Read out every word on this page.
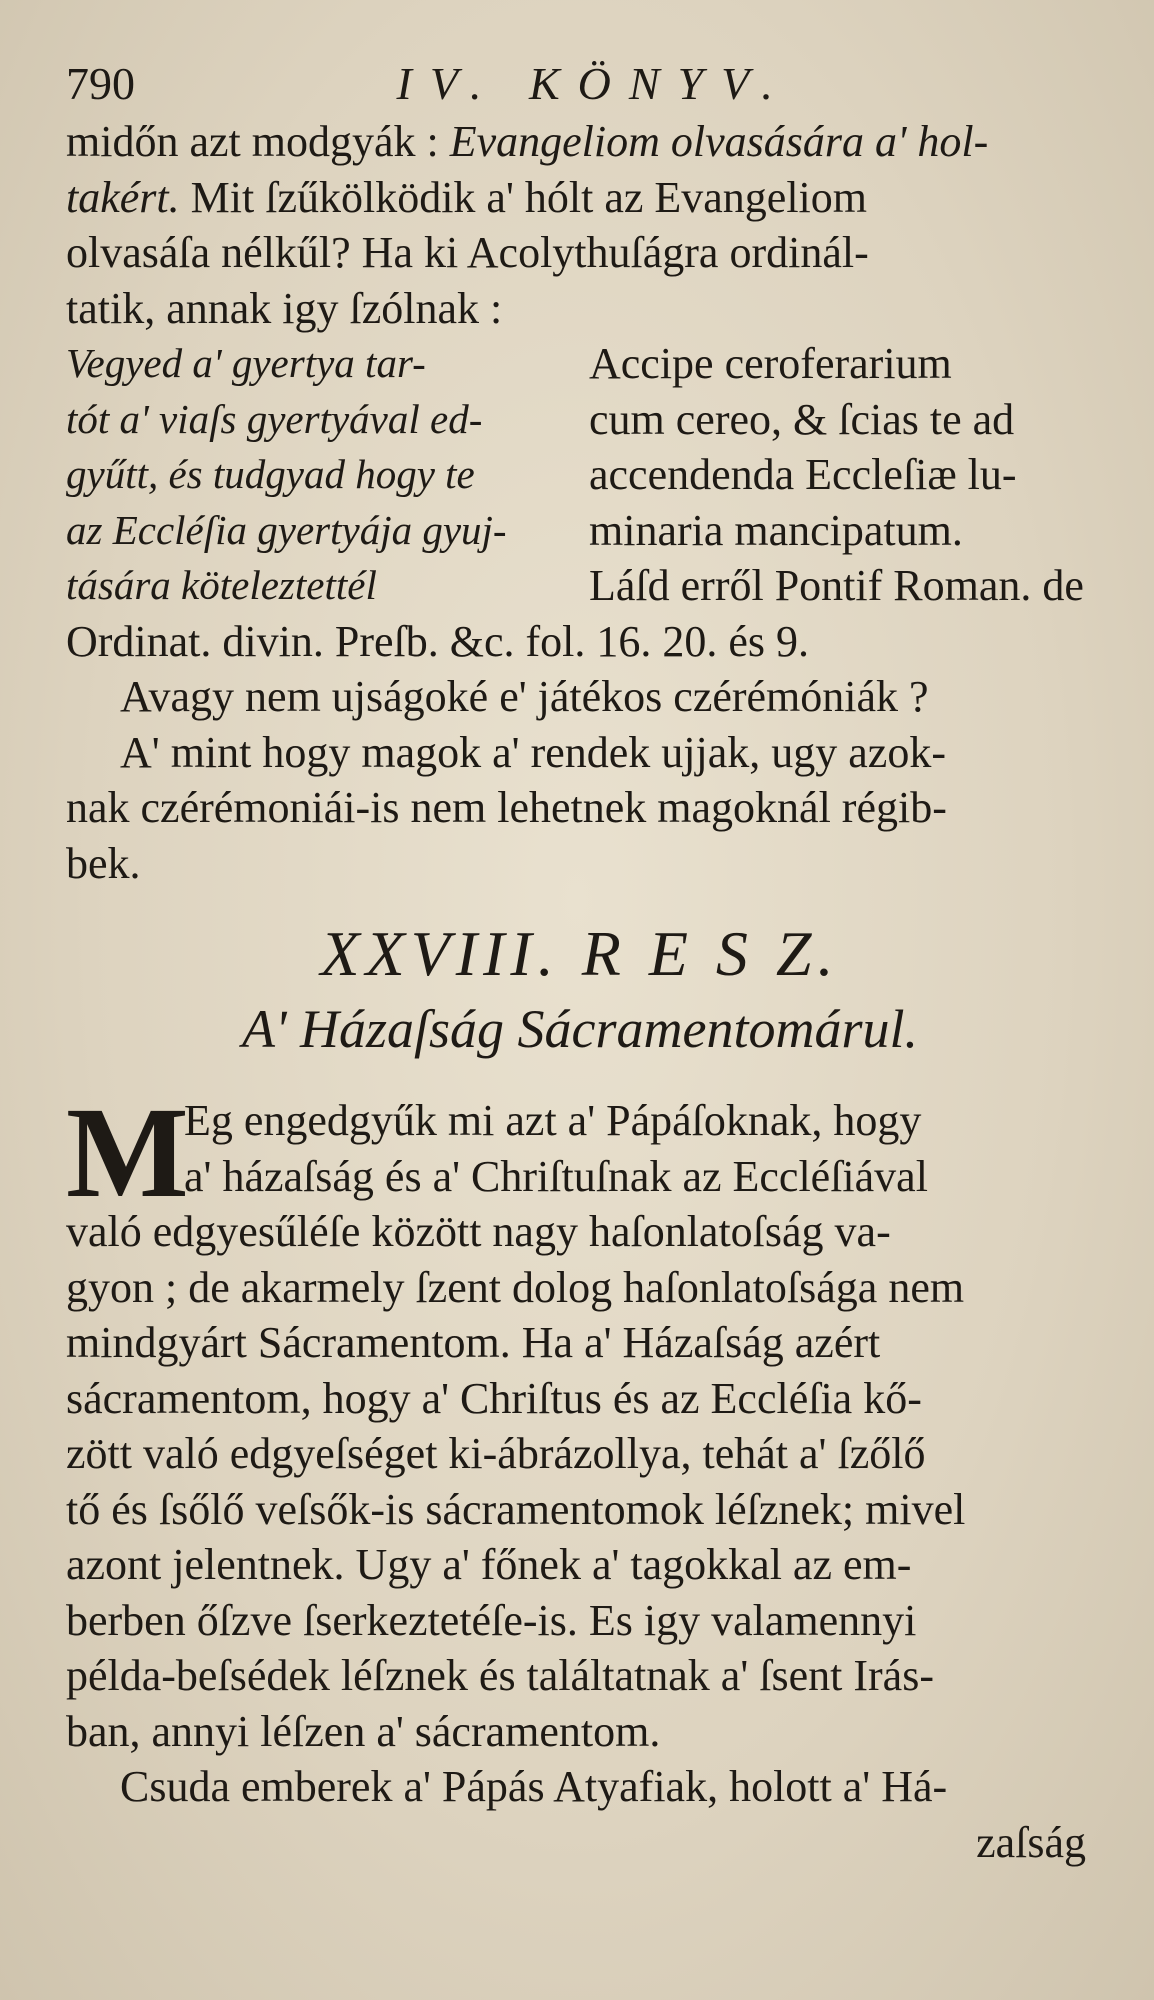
790	IV. KÖNYV.
midőn azt modgyák : Evangeliom olvasására a' hol-
takért. Mit ſzűkölködik a' hólt az Evangeliom
olvasáſa nélkűl? Ha ki Acolythuſágra ordinál-
tatik, annak igy ſzólnak :
Vegyed a' gyertya tar-
tót a' viaſs gyertyával ed-
gyűtt, és tudgyad hogy te
az Eccléſia gyertyája gyuj-
tására köteleztettél
Accipe ceroferarium
cum cereo, & ſcias te ad
accendenda Eccleſiæ lu-
minaria mancipatum.
Láſd erről Pontif Roman. de
Ordinat. divin. Preſb. &c. fol. 16. 20. és 9.
Avagy nem ujságoké e' játékos czérémóniák ?
A' mint hogy magok a' rendek ujjak, ugy azok-
nak czérémoniái-is nem lehetnek magoknál régib-
bek.
XXVIII. R E S Z.
A' Házaſság Sácramentomárul.
M
Eg engedgyűk mi azt a' Pápáſoknak, hogy
a' házaſság és a' Chriſtuſnak az Eccléſiával
való edgyesűléſe között nagy haſonlatoſság va-
gyon ; de akarmely ſzent dolog haſonlatoſsága nem
mindgyárt Sácramentom. Ha a' Házaſság azért
sácramentom, hogy a' Chriſtus és az Eccléſia kő-
zött való edgyeſséget ki-ábrázollya, tehát a' ſzőlő
tő és ſsőlő veſsők-is sácramentomok léſznek; mivel
azont jelentnek. Ugy a' főnek a' tagokkal az em-
berben őſzve ſserkeztetéſe-is. Es igy valamennyi
példa-beſsédek léſznek és találtatnak a' ſsent Irás-
ban, annyi léſzen a' sácramentom.
Csuda emberek a' Pápás Atyafiak, holott a' Há-
zaſság
